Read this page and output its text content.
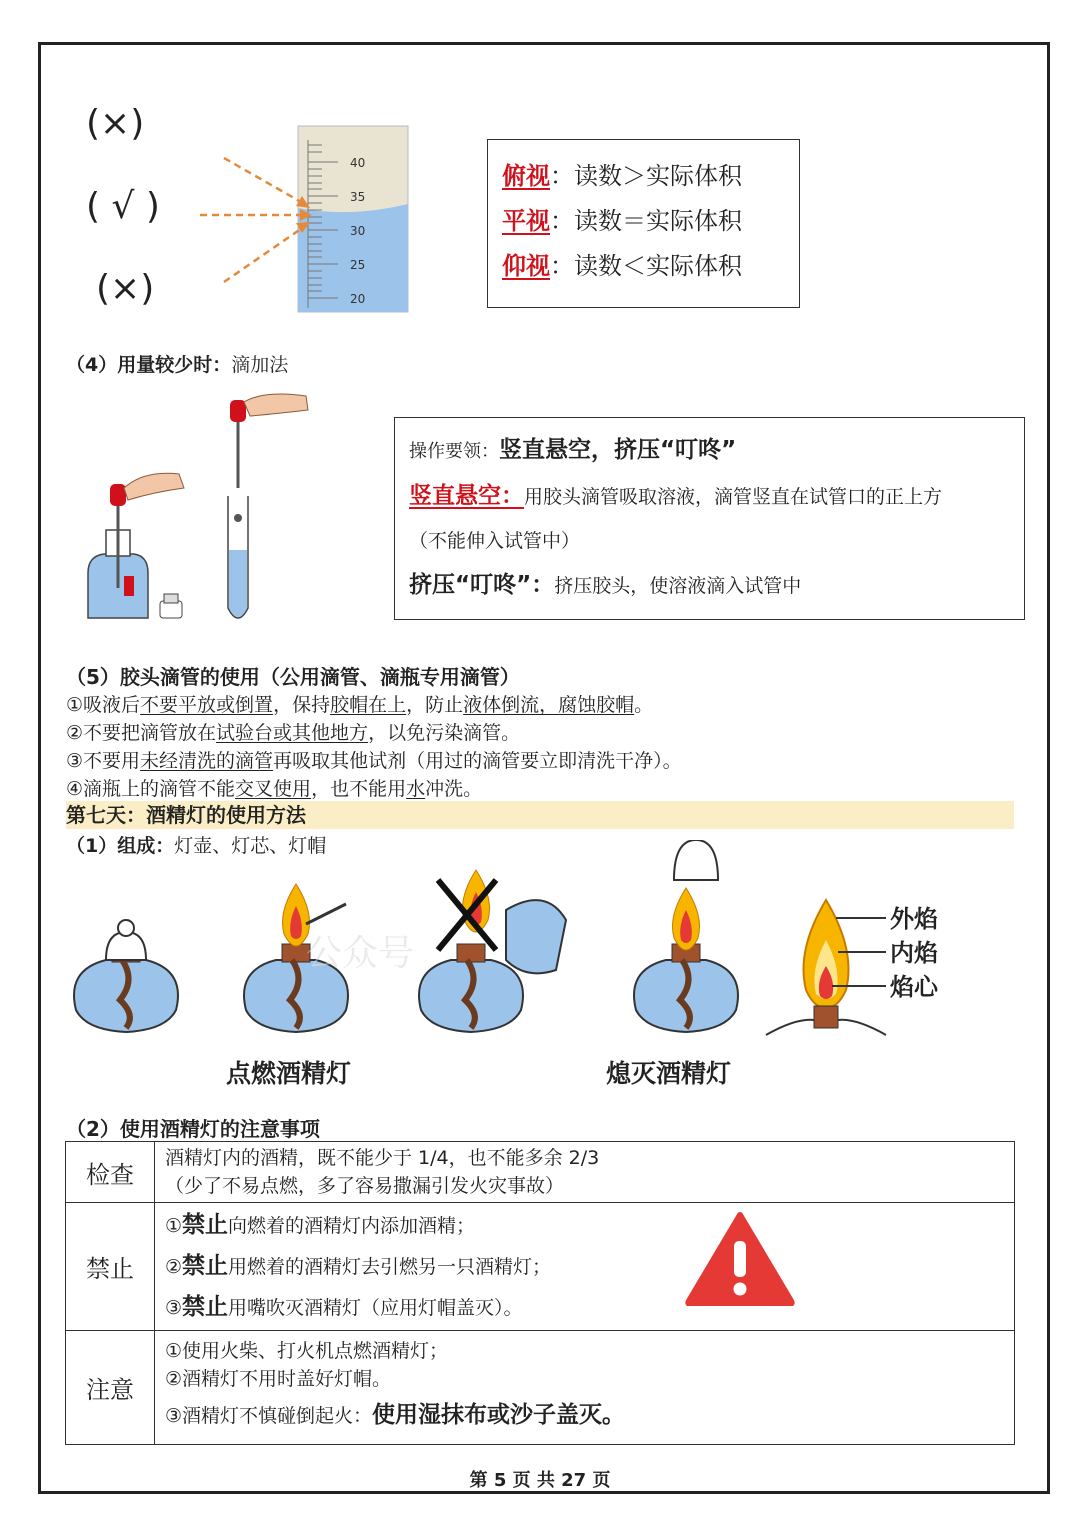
(×)
( √ )
(×)
40
35
30
25
20
俯视：读数＞实际体积
平视：读数＝实际体积
仰视：读数＜实际体积
（4）用量较少时：滴加法
操作要领：竖直悬空，挤压“叮咚”
竖直悬空：用胶头滴管吸取溶液，滴管竖直在试管口的正上方
（不能伸入试管中）
挤压“叮咚”：挤压胶头，使溶液滴入试管中
（5）胶头滴管的使用（公用滴管、滴瓶专用滴管）
①吸液后不要平放或倒置，保持胶帽在上，防止液体倒流，腐蚀胶帽。
②不要把滴管放在试验台或其他地方，以免污染滴管。
③不要用未经清洗的滴管再吸取其他试剂（用过的滴管要立即清洗干净）。
④滴瓶上的滴管不能交叉使用，也不能用水冲洗。
第七天：酒精灯的使用方法
（1）组成：灯壶、灯芯、灯帽
外焰
内焰
焰心
公众号
点燃酒精灯	熄灭酒精灯
（2）使用酒精灯的注意事项
检查	酒精灯内的酒精，既不能少于 1/4，也不能多余 2/3
（少了不易点燃，多了容易撒漏引发火灾事故）

禁止	①禁止向燃着的酒精灯内添加酒精；
②禁止用燃着的酒精灯去引燃另一只酒精灯；
③禁止用嘴吹灭酒精灯（应用灯帽盖灭）。

注意	①使用火柴、打火机点燃酒精灯；
②酒精灯不用时盖好灯帽。
③酒精灯不慎碰倒起火：使用湿抹布或沙子盖灭。
第 5 页 共 27 页
